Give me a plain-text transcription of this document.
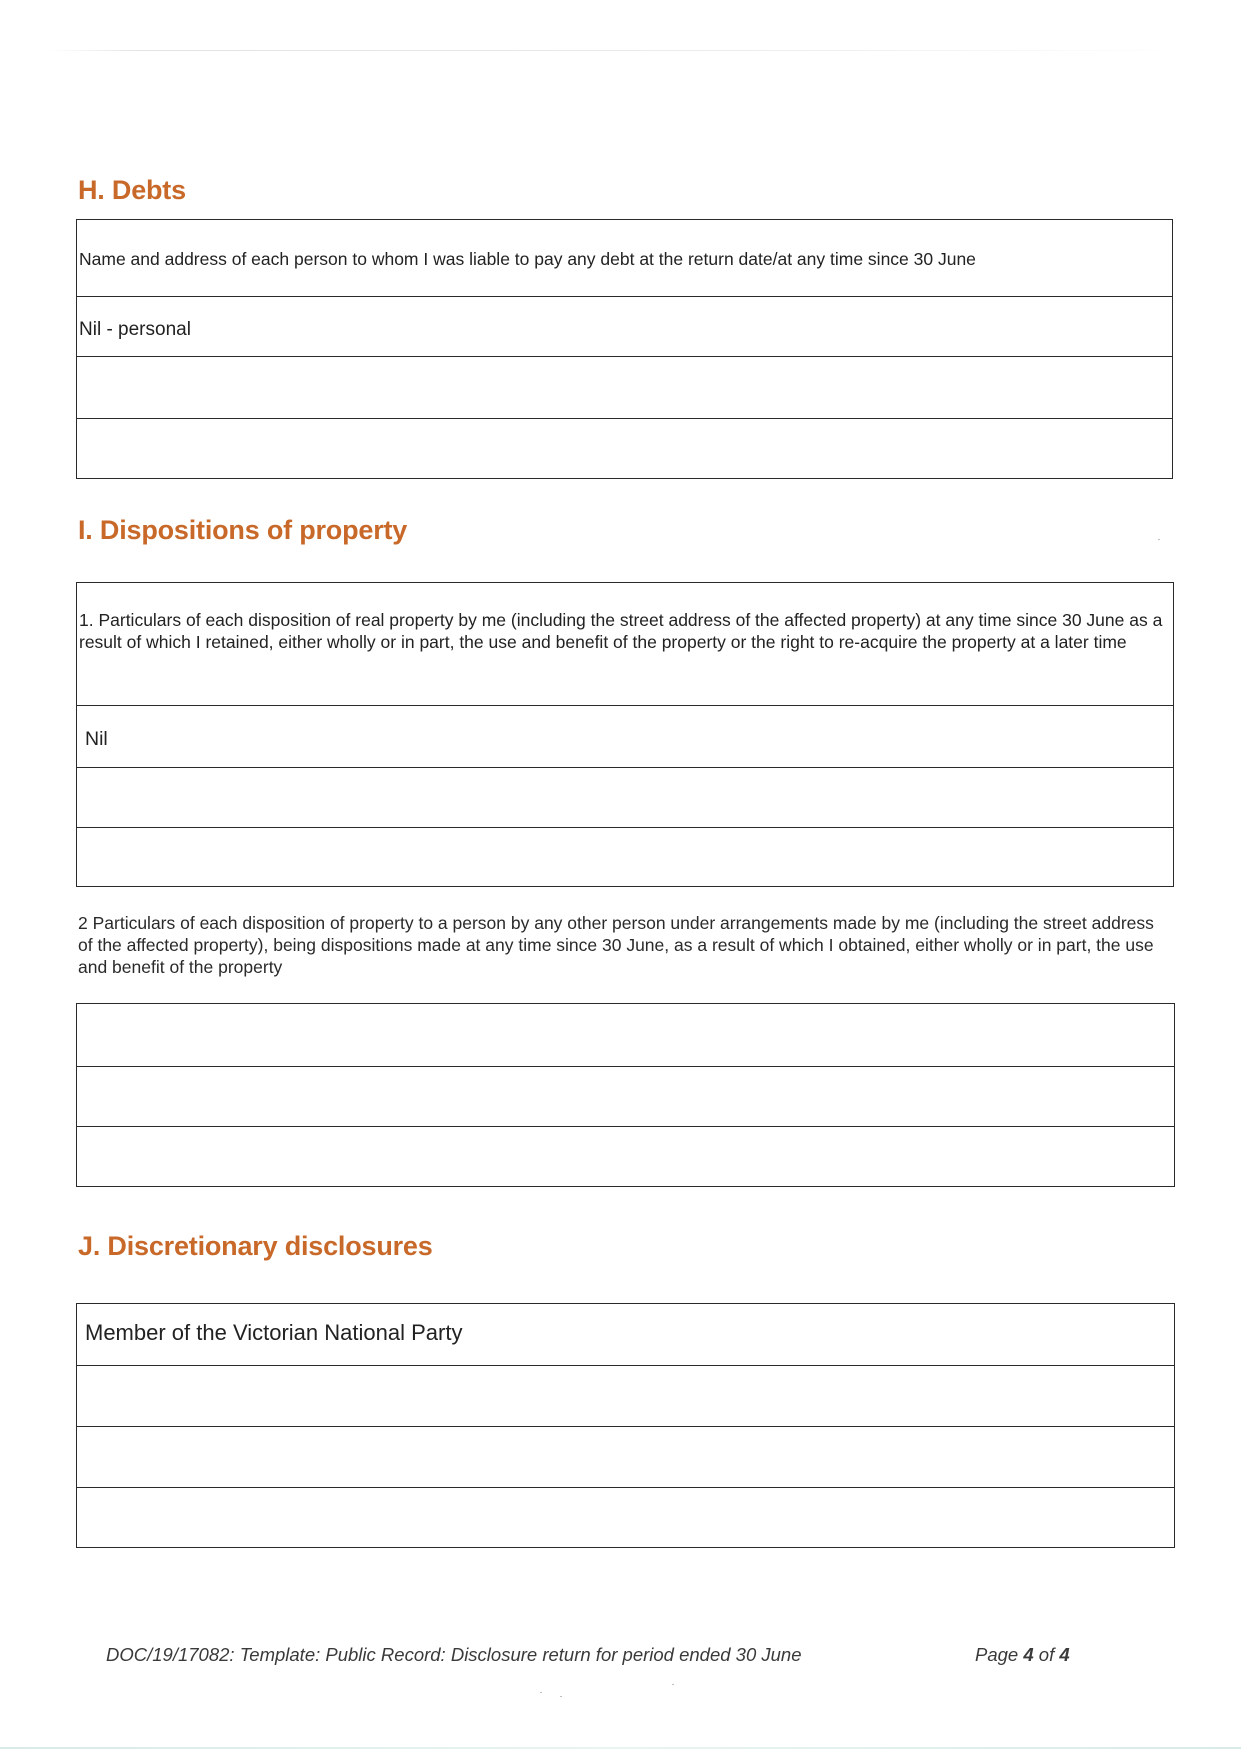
H. Debts
Name and address of each person to whom I was liable to pay any debt at the return date/at any time since 30 June
Nil - personal
I. Dispositions of property
1. Particulars of each disposition of real property by me (including the street address of the affected property) at any time since 30 June as a result of which I retained, either wholly or in part, the use and benefit of the property or the right to re-acquire the property at a later time
Nil
2 Particulars of each disposition of property to a person by any other person under arrangements made by me (including the street address of the affected property), being dispositions made at any time since 30 June, as a result of which I obtained, either wholly or in part, the use and benefit of the property
J. Discretionary disclosures
Member of the Victorian National Party
DOC/19/17082: Template: Public Record: Disclosure return for period ended 30 June	Page 4 of 4
